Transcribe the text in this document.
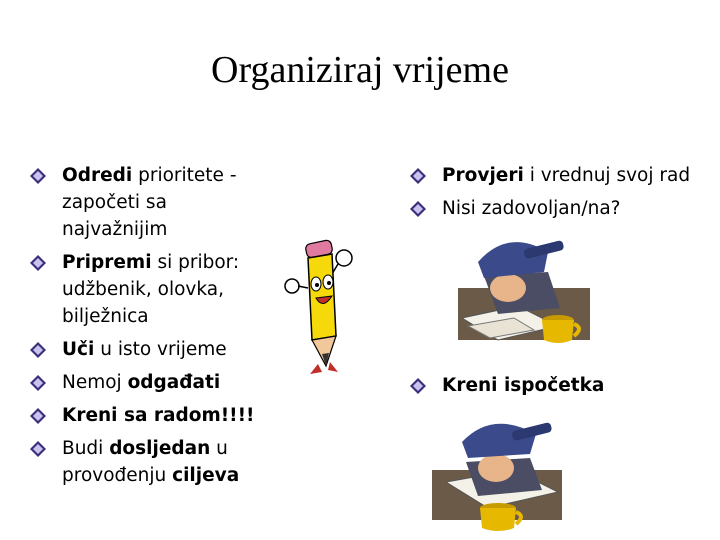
Organiziraj vrijeme
Odredi prioritete - započeti sa najvažnijim
Pripremi si pribor: udžbenik, olovka, bilježnica
Uči u isto vrijeme
Nemoj odgađati
Kreni sa radom!!!!
Budi dosljedan u provođenju ciljeva
Provjeri i vrednuj svoj rad
Nisi zadovoljan/na?
Kreni ispočetka
